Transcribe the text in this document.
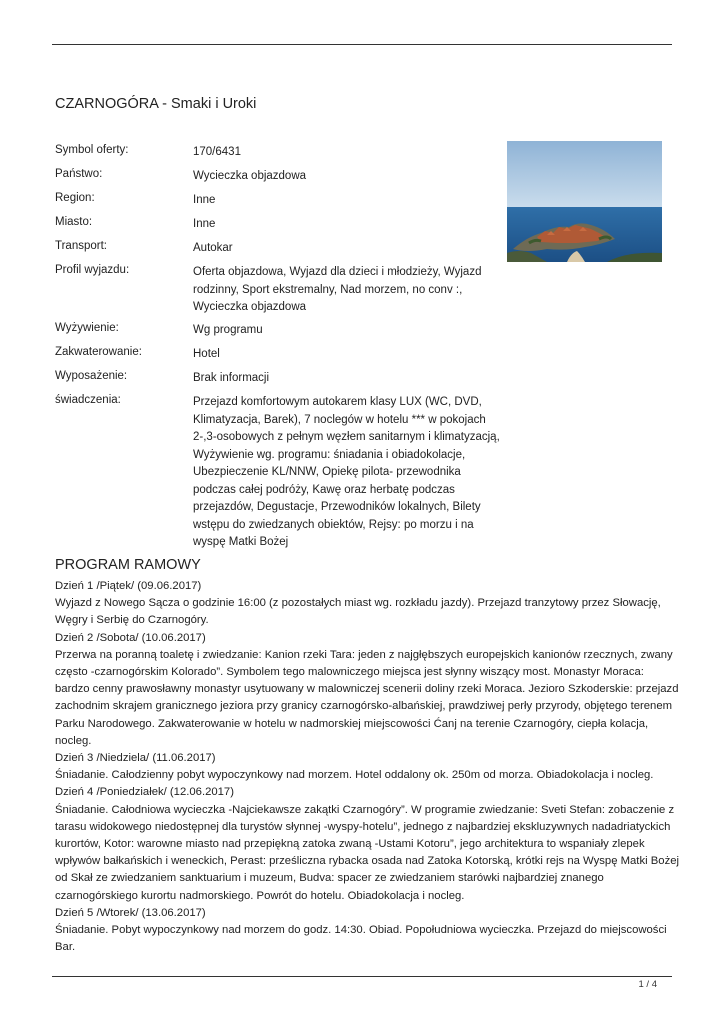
CZARNOGÓRA - Smaki i Uroki
Symbol oferty:	170/6431
Państwo:	Wycieczka objazdowa
Region:	Inne
Miasto:	Inne
Transport:	Autokar
Profil wyjazdu:	Oferta objazdowa, Wyjazd dla dzieci i młodzieży, Wyjazd rodzinny, Sport ekstremalny, Nad morzem, no conv :, Wycieczka objazdowa
Wyżywienie:	Wg programu
Zakwaterowanie:	Hotel
Wyposażenie:	Brak informacji
świadczenia:	Przejazd komfortowym autokarem klasy LUX (WC, DVD, Klimatyzacja, Barek), 7 noclegów w hotelu *** w pokojach 2-,3-osobowych z pełnym węzłem sanitarnym i klimatyzacją, Wyżywienie wg. programu: śniadania i obiadokolacje, Ubezpieczenie KL/NNW, Opiekę pilota- przewodnika podczas całej podróży, Kawę oraz herbatę podczas przejazdów, Degustacje, Przewodników lokalnych, Bilety wstępu do zwiedzanych obiektów, Rejsy: po morzu i na wyspę Matki Bożej
PROGRAM RAMOWY

Dzień 1 /Piątek/ (09.06.2017)

Wyjazd z Nowego Sącza o godzinie 16:00 (z pozostałych miast wg. rozkładu jazdy). Przejazd tranzytowy przez Słowację, Węgry i Serbię do Czarnogóry.

Dzień 2 /Sobota/ (10.06.2017)

Przerwa na poranną toaletę i zwiedzanie: Kanion rzeki Tara: jeden z najgłębszych europejskich kanionów rzecznych, zwany często -czarnogórskim Kolorado”. Symbolem tego malowniczego miejsca jest słynny wiszący most. Monastyr Moraca: bardzo cenny prawosławny monastyr usytuowany w malowniczej scenerii doliny rzeki Moraca. Jezioro Szkoderskie: przejazd zachodnim skrajem granicznego jeziora przy granicy czarnogórsko-albańskiej, prawdziwej perły przyrody, objętego terenem Parku Narodowego. Zakwaterowanie w hotelu w nadmorskiej miejscowości Ćanj na terenie Czarnogóry, ciepła kolacja, nocleg.

Dzień 3 /Niedziela/ (11.06.2017)

Śniadanie. Całodzienny pobyt wypoczynkowy nad morzem. Hotel oddalony ok. 250m od morza. Obiadokolacja i nocleg.

Dzień 4 /Poniedziałek/ (12.06.2017)

Śniadanie. Całodniowa wycieczka -Najciekawsze zakątki Czarnogóry”. W programie zwiedzanie: Sveti Stefan: zobaczenie z tarasu widokowego niedostępnej dla turystów słynnej -wyspy-hotelu”, jednego z najbardziej ekskluzywnych nadadriatyckich kurortów, Kotor: warowne miasto nad przepiękną zatoka zwaną -Ustami Kotoru”, jego architektura to wspaniały zlepek wpływów bałkańskich i weneckich, Perast: prześliczna rybacka osada nad Zatoka Kotorską, krótki rejs na Wyspę Matki Bożej od Skał ze zwiedzaniem sanktuarium i muzeum, Budva: spacer ze zwiedzaniem starówki najbardziej znanego czarnogórskiego kurortu nadmorskiego. Powrót do hotelu. Obiadokolacja i nocleg.

Dzień 5 /Wtorek/ (13.06.2017)

Śniadanie. Pobyt wypoczynkowy nad morzem do godz. 14:30. Obiad. Popołudniowa wycieczka. Przejazd do miejscowości Bar.

1 / 4
